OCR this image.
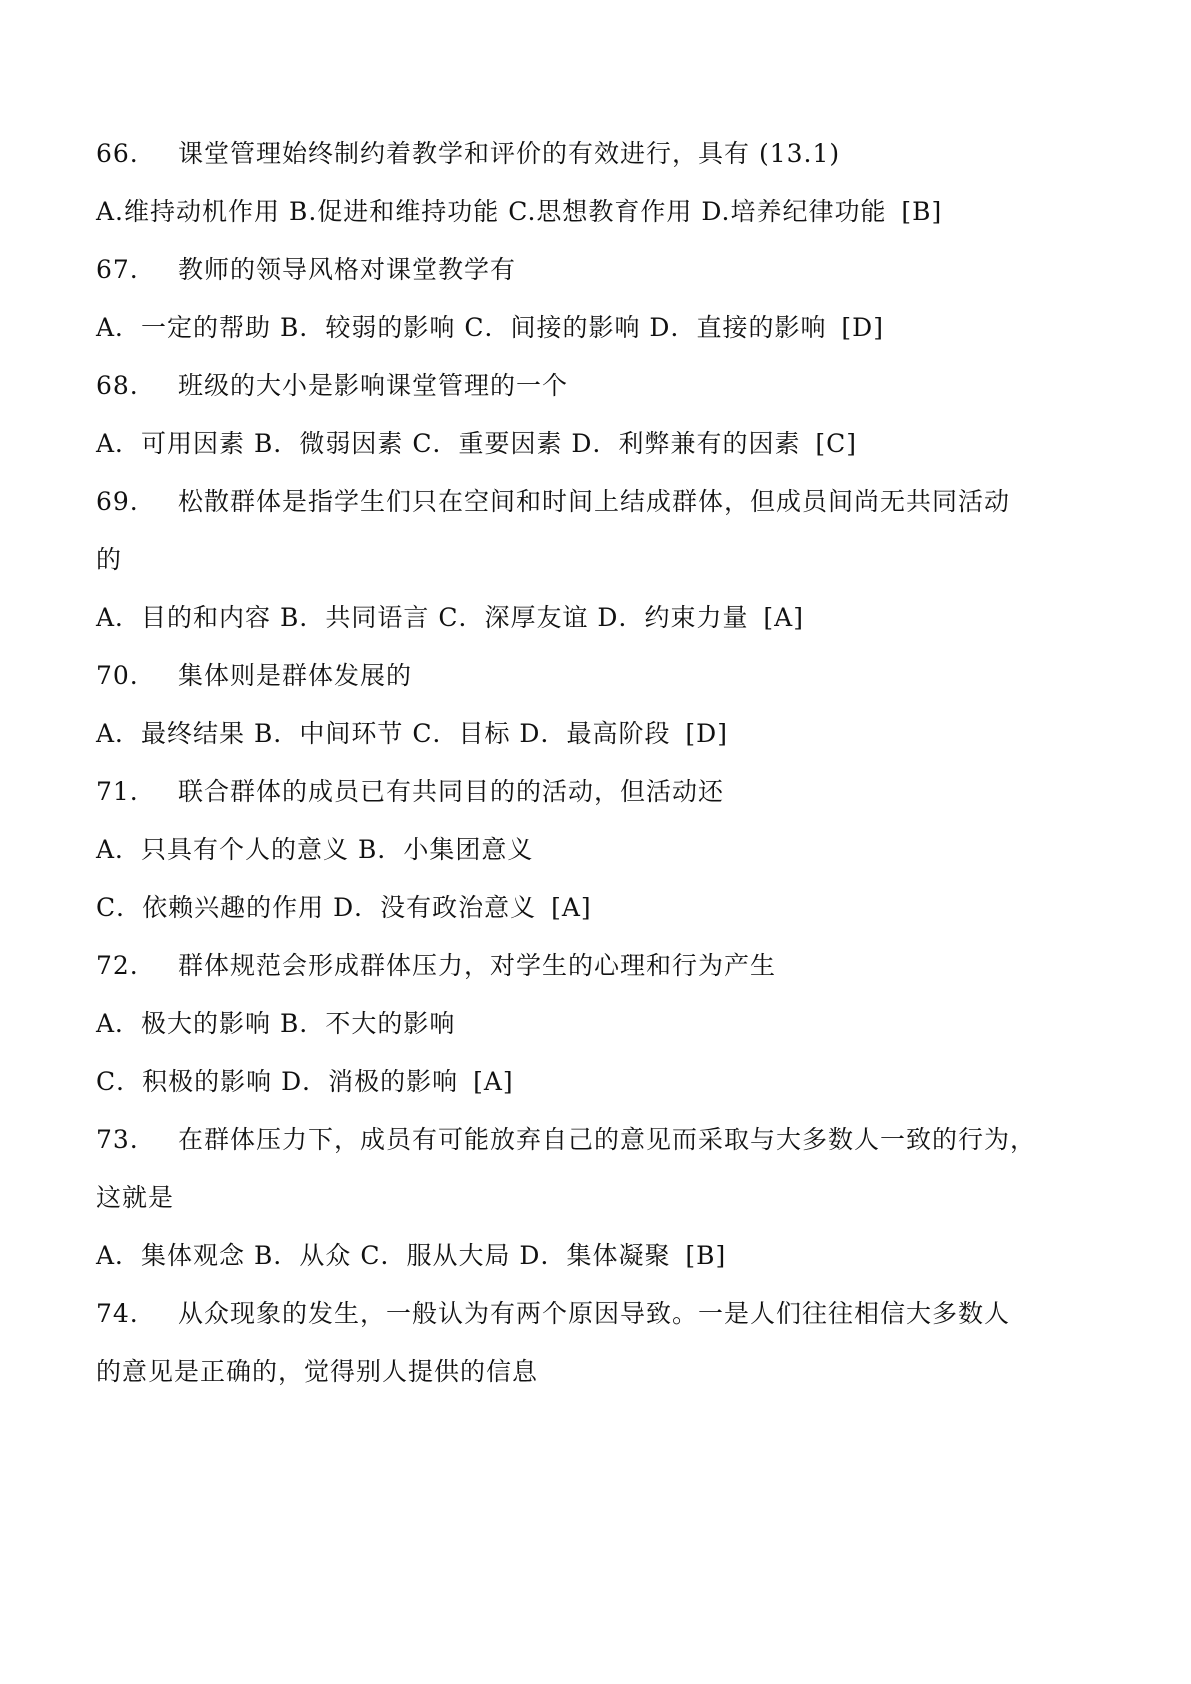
66. 课堂管理始终制约着教学和评价的有效进行，具有 (13.1)
A.维持动机作用 B.促进和维持功能 C.思想教育作用 D.培养纪律功能 [B]
67. 教师的领导风格对课堂教学有
A．一定的帮助 B．较弱的影响 C．间接的影响 D．直接的影响 [D]
68. 班级的大小是影响课堂管理的一个
A．可用因素 B．微弱因素 C．重要因素 D．利弊兼有的因素 [C]
69. 松散群体是指学生们只在空间和时间上结成群体，但成员间尚无共同活动
的
A．目的和内容 B．共同语言 C．深厚友谊 D．约束力量 [A]
70. 集体则是群体发展的
A．最终结果 B．中间环节 C．目标 D．最高阶段 [D]
71. 联合群体的成员已有共同目的的活动，但活动还
A．只具有个人的意义 B．小集团意义
C．依赖兴趣的作用 D．没有政治意义 [A]
72. 群体规范会形成群体压力，对学生的心理和行为产生
A．极大的影响 B．不大的影响
C．积极的影响 D．消极的影响 [A]
73. 在群体压力下，成员有可能放弃自己的意见而采取与大多数人一致的行为，
这就是
A．集体观念 B．从众 C．服从大局 D．集体凝聚 [B]
74. 从众现象的发生，一般认为有两个原因导致。一是人们往往相信大多数人
的意见是正确的，觉得别人提供的信息
